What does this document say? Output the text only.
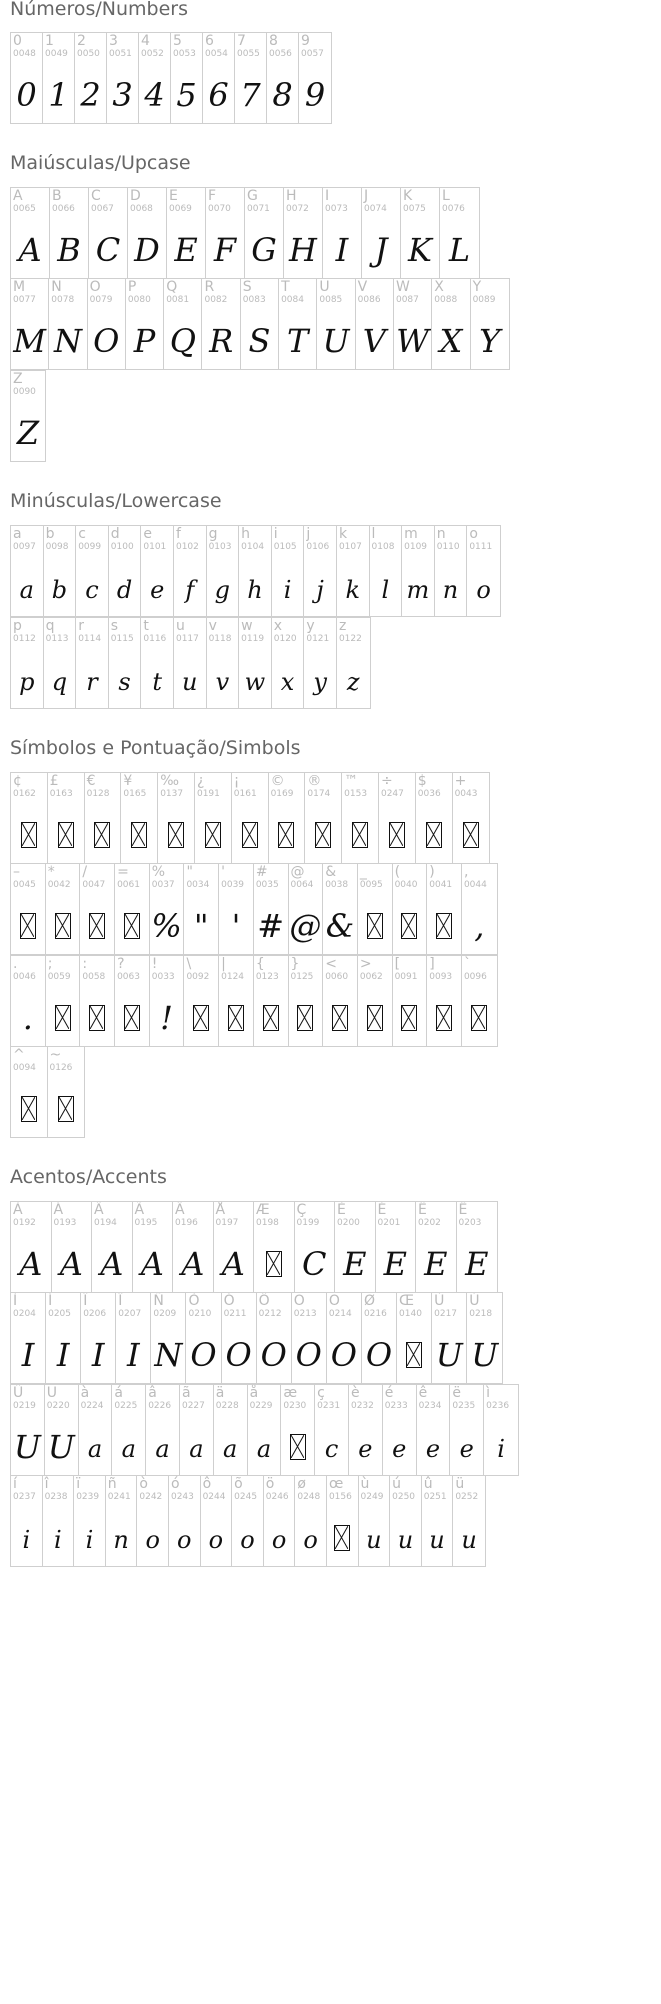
Números/Numbers
0
0048
0
1
0049
1
2
0050
2
3
0051
3
4
0052
4
5
0053
5
6
0054
6
7
0055
7
8
0056
8
9
0057
9
Maiúsculas/Upcase
A
0065
A
B
0066
B
C
0067
C
D
0068
D
E
0069
E
F
0070
F
G
0071
G
H
0072
H
I
0073
I
J
0074
J
K
0075
K
L
0076
L
M
0077
M
N
0078
N
O
0079
O
P
0080
P
Q
0081
Q
R
0082
R
S
0083
S
T
0084
T
U
0085
U
V
0086
V
W
0087
W
X
0088
X
Y
0089
Y
Z
0090
Z
Minúsculas/Lowercase
a
0097
a
b
0098
b
c
0099
c
d
0100
d
e
0101
e
f
0102
f
g
0103
g
h
0104
h
i
0105
i
j
0106
j
k
0107
k
l
0108
l
m
0109
m
n
0110
n
o
0111
o
p
0112
p
q
0113
q
r
0114
r
s
0115
s
t
0116
t
u
0117
u
v
0118
v
w
0119
w
x
0120
x
y
0121
y
z
0122
z
Símbolos e Pontuação/Simbols
¢
0162
£
0163
€
0128
¥
0165
‰
0137
¿
0191
¡
0161
©
0169
®
0174
™
0153
÷
0247
$
0036
+
0043
–
0045
*
0042
/
0047
=
0061
%
0037
%
"
0034
"
'
0039
'
#
0035
#
@
0064
@
&
0038
&
_
0095
(
0040
)
0041
,
0044
,
.
0046
.
;
0059
:
0058
?
0063
!
0033
!
\
0092
|
0124
{
0123
}
0125
<
0060
>
0062
[
0091
]
0093
`
0096
^
0094
~
0126
Acentos/Accents
À
0192
A
Á
0193
A
Â
0194
A
Ã
0195
A
Ä
0196
A
Å
0197
A
Æ
0198
Ç
0199
C
È
0200
E
É
0201
E
Ê
0202
E
Ë
0203
E
Ì
0204
I
Í
0205
I
Î
0206
I
Ï
0207
I
Ñ
0209
N
Ò
0210
O
Ó
0211
O
Ô
0212
O
Õ
0213
O
Ö
0214
O
Ø
0216
O
Œ
0140
Ù
0217
U
Ú
0218
U
Û
0219
U
Ü
0220
U
à
0224
a
á
0225
a
â
0226
a
ã
0227
a
ä
0228
a
å
0229
a
æ
0230
ç
0231
c
è
0232
e
é
0233
e
ê
0234
e
ë
0235
e
ì
0236
i
í
0237
i
î
0238
i
ï
0239
i
ñ
0241
n
ò
0242
o
ó
0243
o
ô
0244
o
õ
0245
o
ö
0246
o
ø
0248
o
œ
0156
ù
0249
u
ú
0250
u
û
0251
u
ü
0252
u
